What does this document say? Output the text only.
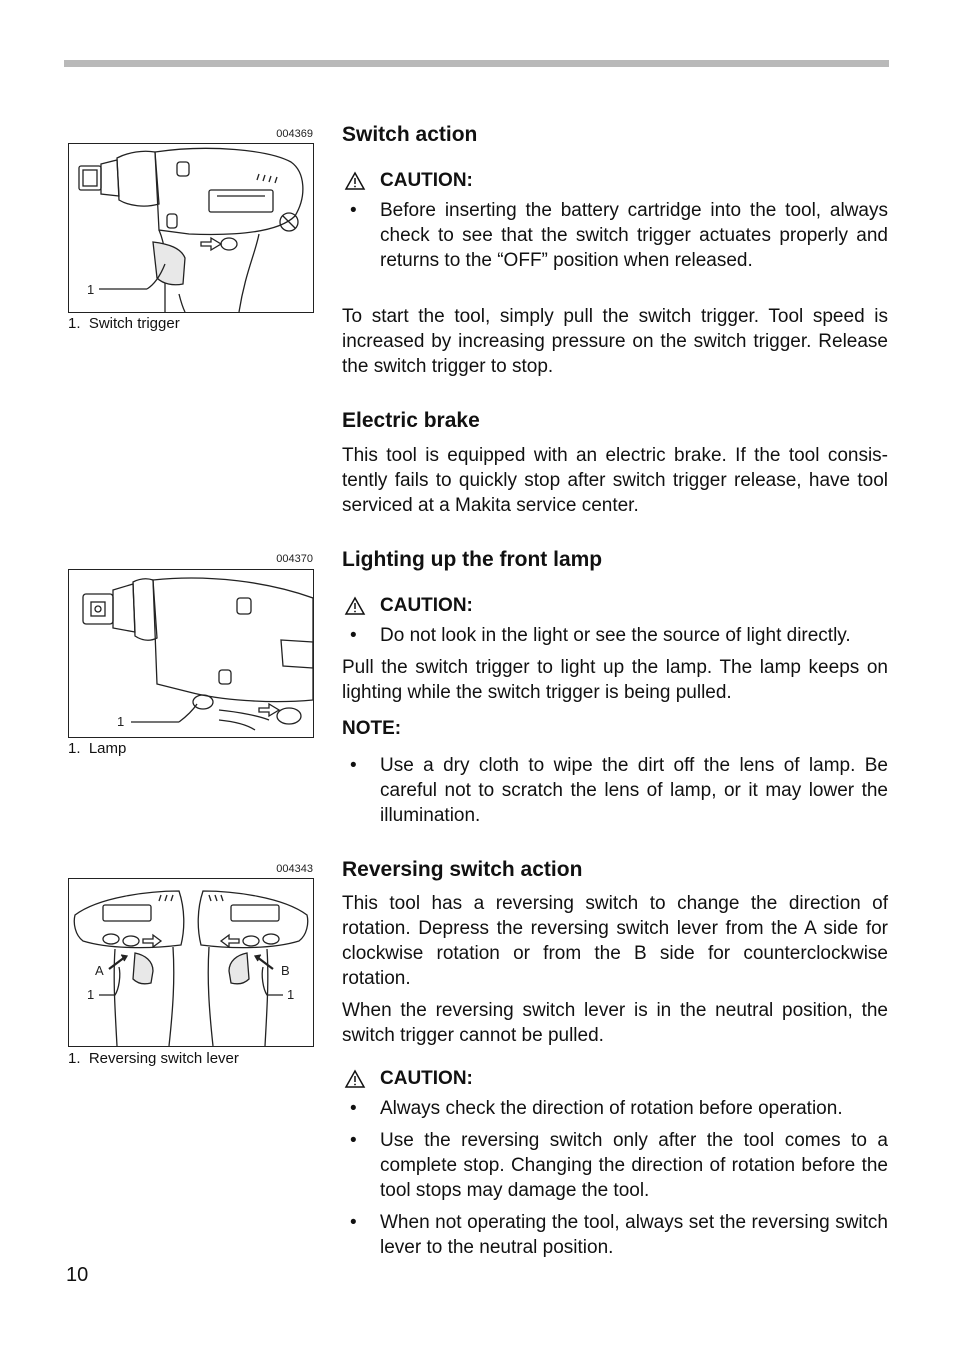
004369
1
1.  Switch trigger
004370
1
1.  Lamp
004343
A	B
1	1
1.  Reversing switch lever
Switch action
CAUTION:
• Before inserting the battery cartridge into the tool, always check to see that the switch trigger actuates properly and returns to the “OFF” position when released.
To start the tool, simply pull the switch trigger. Tool speed is increased by increasing pressure on the switch trigger. Release the switch trigger to stop.
Electric brake
This tool is equipped with an electric brake. If the tool consis-tently fails to quickly stop after switch trigger release, have tool serviced at a Makita service center.
Lighting up the front lamp
CAUTION:
• Do not look in the light or see the source of light directly.
Pull the switch trigger to light up the lamp. The lamp keeps on lighting while the switch trigger is being pulled.
NOTE:
• Use a dry cloth to wipe the dirt off the lens of lamp. Be careful not to scratch the lens of lamp, or it may lower the illumination.
Reversing switch action
This tool has a reversing switch to change the direction of rotation. Depress the reversing switch lever from the A side for clockwise rotation or from the B side for counterclockwise rotation.
When the reversing switch lever is in the neutral position, the switch trigger cannot be pulled.
CAUTION:
• Always check the direction of rotation before operation.
• Use the reversing switch only after the tool comes to a complete stop. Changing the direction of rotation before the tool stops may damage the tool.
• When not operating the tool, always set the reversing switch lever to the neutral position.
10
